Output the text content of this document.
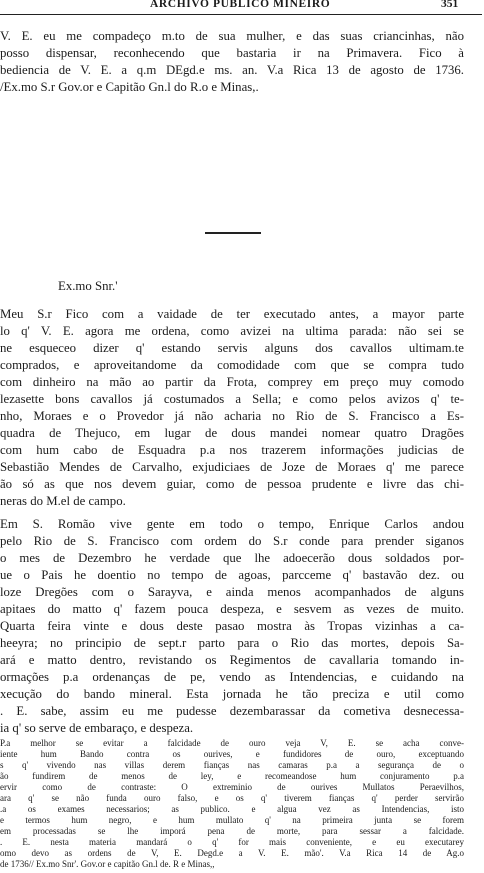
ARCHIVO PUBLICO MINEIRO	351
V. E. eu me compadeço m.to de sua mulher, e das suas criancinhas, não
posso dispensar, reconhecendo que bastaria ir na Primavera. Fico à
bediencia de V. E. a q.m DEgd.e ms. an. V.a Rica 13 de agosto de 1736.
/Ex.mo S.r Gov.or e Capitão Gn.l do R.o e Minas,.
Ex.mo Snr.'
Meu S.r Fico com a vaidade de ter executado antes, a mayor parte
lo q' V. E. agora me ordena, como avizei na ultima parada: não sei se
ne esqueceo dizer q' estando servis alguns dos cavallos ultimam.te
comprados, e aproveitandome da comodidade com que se compra tudo
com dinheiro na mão ao partir da Frota, comprey em preço muy comodo
lezasette bons cavallos já costumados a Sella; e como pelos avizos q' te-
nho, Moraes e o Provedor já não acharia no Rio de S. Francisco a Es-
quadra de Thejuco, em lugar de dous mandei nomear quatro Dragões
com hum cabo de Esquadra p.a nos trazerem informações judicias de
Sebastião Mendes de Carvalho, exjudiciaes de Joze de Moraes q' me parece
ão só as que nos devem guiar, como de pessoa prudente e livre das chi-
neras do M.el de campo.
Em S. Romão vive gente em todo o tempo, Enrique Carlos andou
pelo Rio de S. Francisco com ordem do S.r conde para prender siganos
o mes de Dezembro he verdade que lhe adoecerão dous soldados por-
ue o Pais he doentio no tempo de agoas, parcceme q' bastavão dez. ou
loze Dregões com o Sarayva, e ainda menos acompanhados de alguns
apitaes do matto q' fazem pouca despeza, e sesvem as vezes de muito.
Quarta feira vinte e dous deste pasao mostra às Tropas vizinhas a ca-
heeyra; no principio de sept.r parto para o Rio das mortes, depois Sa-
ará e matto dentro, revistando os Regimentos de cavallaria tomando in-
ormações p.a ordenanças de pe, vendo as Intendencias, e cuidando na
xecução do bando mineral. Esta jornada he tão preciza e util como
. E. sabe, assim eu me pudesse dezembarassar da cometiva desnecessa-
ia q' so serve de embaraço, e despeza.
P.a melhor se evitar a falcidade de ouro veja V, E. se acha conve-
iente hum Bando contra os ourives, e fundidores de ouro, exceptuando
s q' vivendo nas villas derem fianças nas camaras p.a a segurança de o
ão fundirem de menos de ley, e recomeandose hum conjuramento p.a
ervir como de contraste: O extreminio de ourives Mullatos Peraevilhos,
ara q' se não funda ouro falso, e os q' tiverem fianças q' perder servirão
.a os exames necessarios; as publico. e algua vez as Intendencias, isto
e termos hum negro, e hum mullato q' na primeira junta se forem
em processadas se lhe imporá pena de morte, para sessar a falcidade.
. E. nesta materia mandará o q' for mais conveniente, e eu executarey
omo devo as ordens de V, E. Degd.e a V. E. mão'. V.a Rica 14 de Ag.o
de 1736// Ex.mo Snr'. Gov.or e capitão Gn.l de. R e Minas,,
